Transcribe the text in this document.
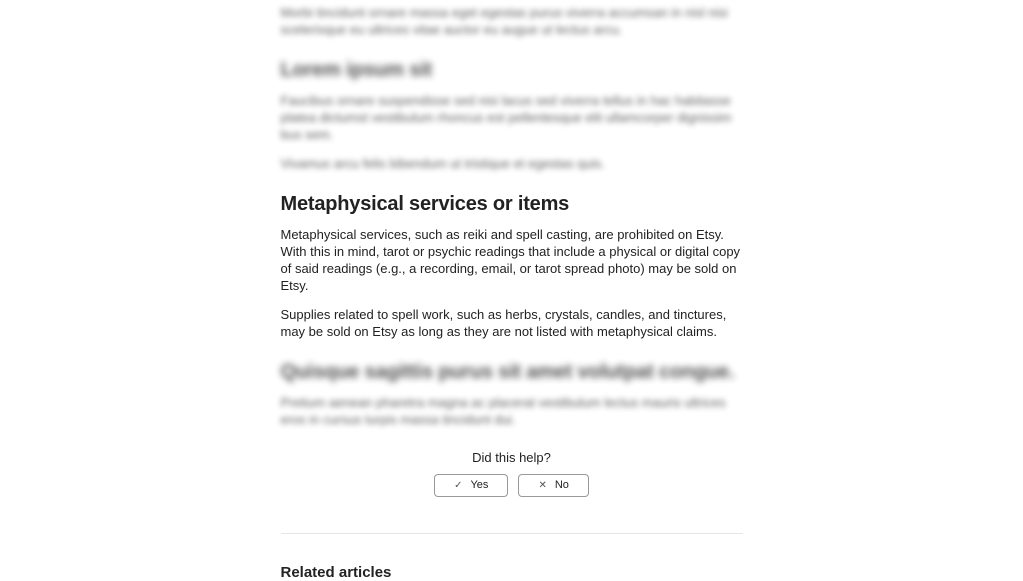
Morbi tincidunt ornare massa eget egestas purus viverra accumsan in nisl nisi scelerisque eu ultrices vitae auctor eu augue ut lectus arcu.

Lorem ipsum sit

Faucibus ornare suspendisse sed nisi lacus sed viverra tellus in hac habitasse platea dictumst vestibulum rhoncus est pellentesque elit ullamcorper dignissim bus sem.

Vivamus arcu felis bibendum ut tristique et egestas quis.

Metaphysical services or items

Metaphysical services, such as reiki and spell casting, are prohibited on Etsy. With this in mind, tarot or psychic readings that include a physical or digital copy of said readings (e.g., a recording, email, or tarot spread photo) may be sold on Etsy.

Supplies related to spell work, such as herbs, crystals, candles, and tinctures, may be sold on Etsy as long as they are not listed with metaphysical claims.

Quisque sagittis purus sit amet volutpat congue.

Pretium aenean pharetra magna ac placerat vestibulum lectus mauris ultrices eros in cursus turpis massa tincidunt dui.

Did this help?
✓ Yes	✕ No
Related articles
